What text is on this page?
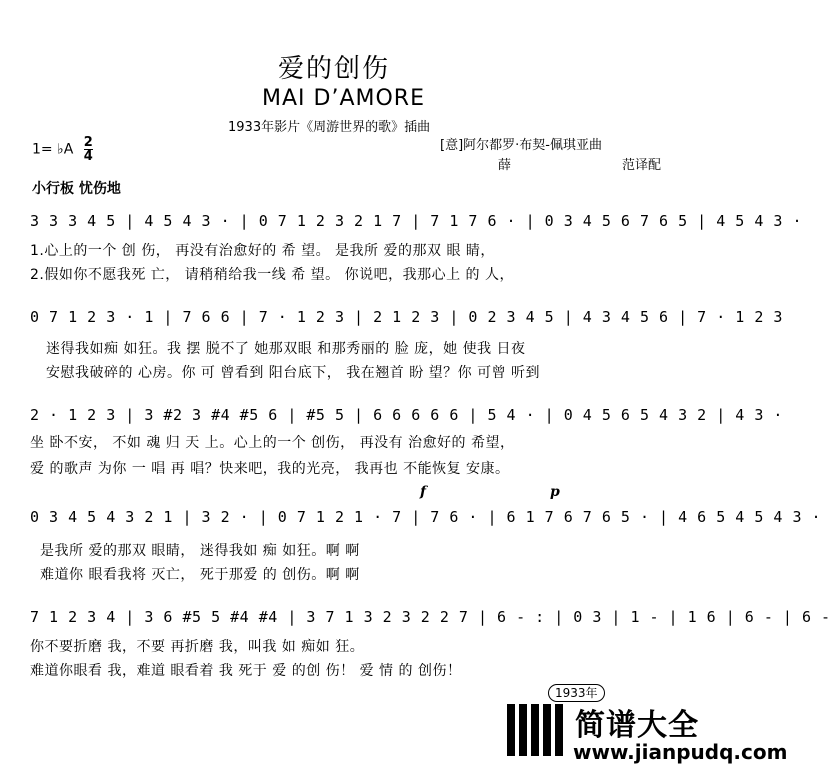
爱的创伤
MAI D’AMORE
1933年影片《周游世界的歌》插曲
1= ♭A $\frac{2}{4}$	[意]阿尔都罗·布契-佩琪亚曲
薛	范译配
小行板 忧伤地
3 3 3 4 5 | 4 5 4 3 · | 0 7 1 2 3 2 1 7 | 7 1 7 6 · | 0 3 4 5 6 7 6 5 | 4 5 4 3 ·
1.心上的一个 创 伤， 再没有治愈好的 希 望。 是我所 爱的那双 眼 睛，
2.假如你不愿我死 亡， 请稍稍给我一线 希 望。 你说吧，我那心上 的 人，
0 7 1 2 3 · 1 | 7 6 6 | 7 · 1 2 3 | 2 1 2 3 | 0 2 3 4 5 | 4 3 4 5 6 | 7 · 1 2 3
迷得我如痴 如狂。我 摆 脱不了 她那双眼 和那秀丽的 脸 庞，她 使我 日夜
安慰我破碎的 心房。你 可 曾看到 阳台底下， 我在翘首 盼 望？你 可曾 听到
2 · 1 2 3 | 3 #2 3 #4 #5 6 | #5 5 | 6 6 6 6 6 | 5 4 · | 0 4 5 6 5 4 3 2 | 4 3 ·
坐 卧不安， 不如 魂 归 天 上。心上的一个 创伤， 再没有 治愈好的 希望，
爱 的歌声 为你 一 唱 再 唱？快来吧，我的光亮， 我再也 不能恢复 安康。
f	p
0 3 4 5 4 3 2 1 | 3 2 · | 0 7 1 2 1 · 7 | 7 6 · | 6 1 7 6 7 6 5 · | 4 6 5 4 5 4 3 ·
是我所 爱的那双 眼睛， 迷得我如 痴 如狂。啊 啊
难道你 眼看我将 灭亡， 死于那爱 的 创伤。啊 啊
7 1 2 3 4 | 3 6 #5 5 #4 #4 | 3 7 1 3 2 3 2 2 7 | 6 - : | 0 3 | 1 - | 1 6 | 6 - | 6 -
你不要折磨 我，不要 再折磨 我，叫我 如 痴如 狂。
难道你眼看 我，难道 眼看着 我 死于 爱 的创 伤！ 爱 情 的 创伤！
1933年
简谱大全
www.jianpudq.com
